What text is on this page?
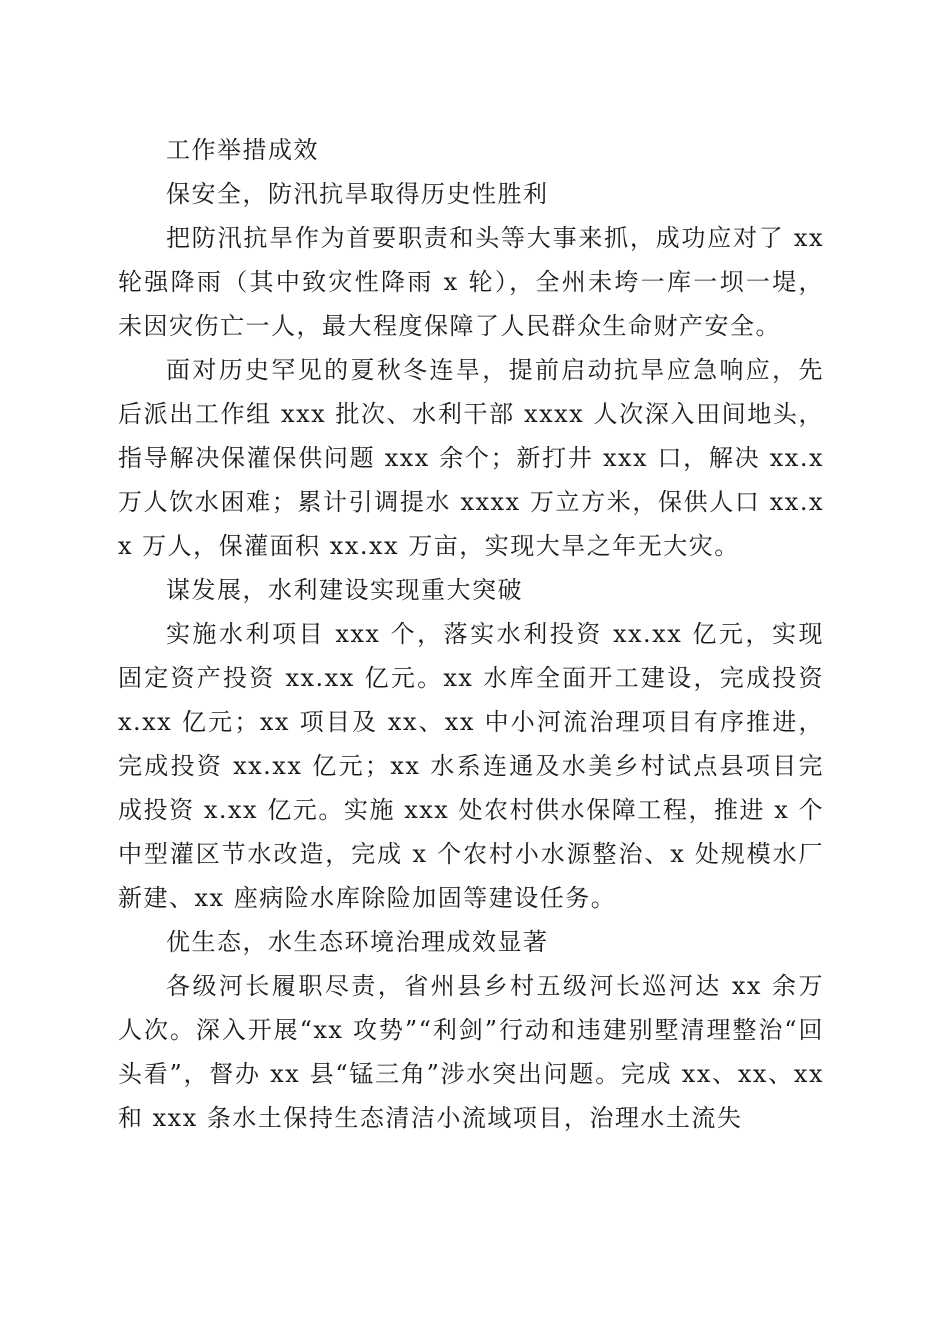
工作举措成效

保安全，防汛抗旱取得历史性胜利

把防汛抗旱作为首要职责和头等大事来抓，成功应对了 xx 轮强降雨（其中致灾性降雨 x 轮），全州未垮一库一坝一堤，未因灾伤亡一人，最大程度保障了人民群众生命财产安全。

面对历史罕见的夏秋冬连旱，提前启动抗旱应急响应，先后派出工作组 xxx 批次、水利干部 xxxx 人次深入田间地头，指导解决保灌保供问题 xxx 余个；新打井 xxx 口，解决 xx.x 万人饮水困难；累计引调提水 xxxx 万立方米，保供人口 xx.xx 万人，保灌面积 xx.xx 万亩，实现大旱之年无大灾。

谋发展，水利建设实现重大突破

实施水利项目 xxx 个，落实水利投资 xx.xx 亿元，实现固定资产投资 xx.xx 亿元。xx 水库全面开工建设，完成投资 x.xx 亿元；xx 项目及 xx、xx 中小河流治理项目有序推进，完成投资 xx.xx 亿元；xx 水系连通及水美乡村试点县项目完成投资 x.xx 亿元。实施 xxx 处农村供水保障工程，推进 x 个中型灌区节水改造，完成 x 个农村小水源整治、x 处规模水厂新建、xx 座病险水库除险加固等建设任务。

优生态，水生态环境治理成效显著

各级河长履职尽责，省州县乡村五级河长巡河达 xx 余万人次。深入开展“xx 攻势”“利剑”行动和违建别墅清理整治“回头看”，督办 xx 县“锰三角”涉水突出问题。完成 xx、xx、xx 和 xxx 条水土保持生态清洁小流域项目，治理水土流失
